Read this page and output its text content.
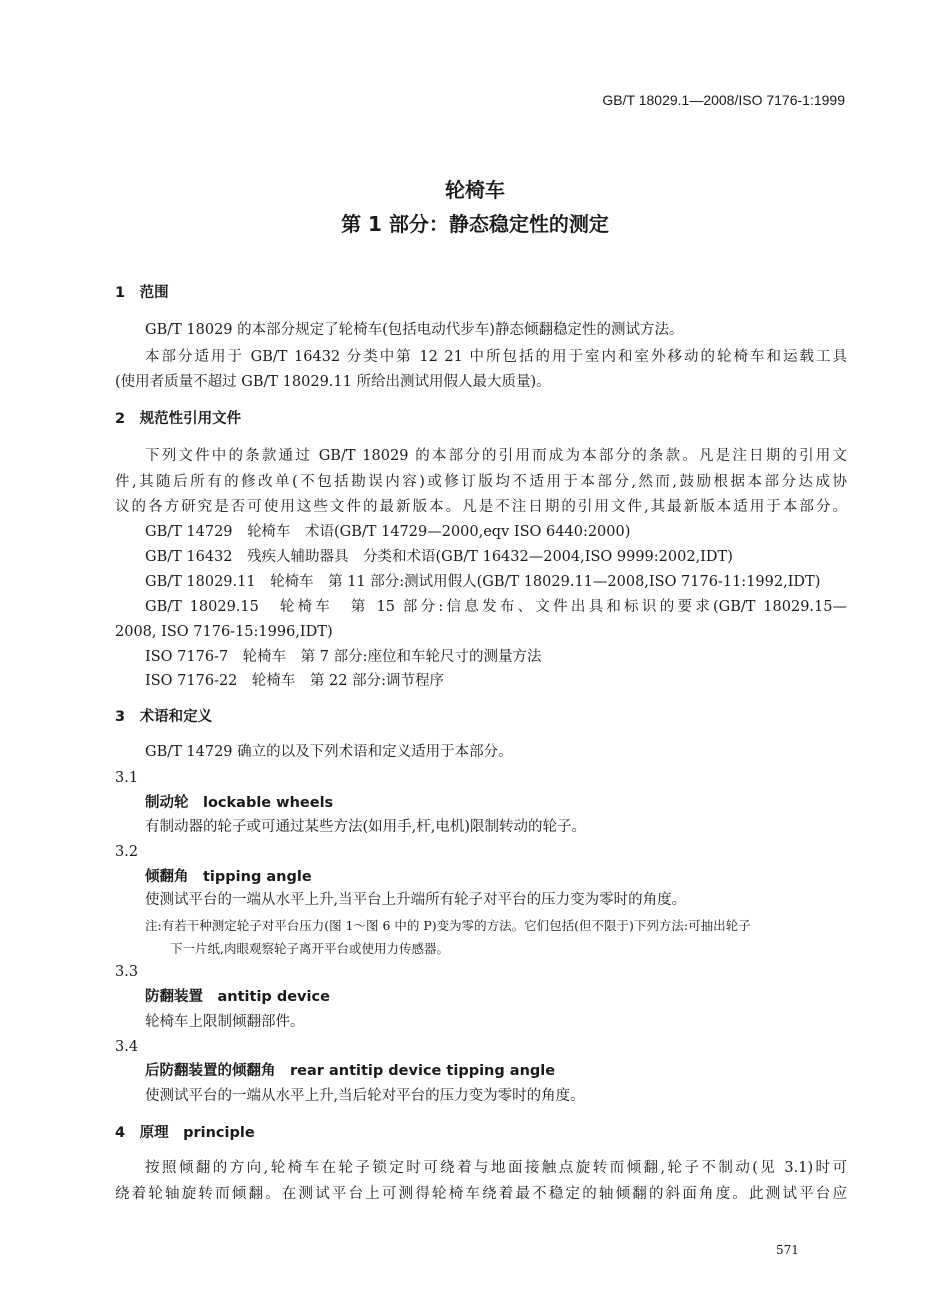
GB/T 18029.1—2008/ISO 7176-1:1999
轮椅车
第 1 部分：静态稳定性的测定
1　范围
GB/T 18029 的本部分规定了轮椅车(包括电动代步车)静态倾翻稳定性的测试方法。
本部分适用于 GB/T 16432 分类中第 12 21 中所包括的用于室内和室外移动的轮椅车和运载工具
(使用者质量不超过 GB/T 18029.11 所给出测试用假人最大质量)。
2　规范性引用文件
下列文件中的条款通过 GB/T 18029 的本部分的引用而成为本部分的条款。凡是注日期的引用文
件,其随后所有的修改单(不包括勘误内容)或修订版均不适用于本部分,然而,鼓励根据本部分达成协
议的各方研究是否可使用这些文件的最新版本。凡是不注日期的引用文件,其最新版本适用于本部分。
GB/T 14729　轮椅车　术语(GB/T 14729—2000,eqv ISO 6440:2000)
GB/T 16432　残疾人辅助器具　分类和术语(GB/T 16432—2004,ISO 9999:2002,IDT)
GB/T 18029.11　轮椅车　第 11 部分:测试用假人(GB/T 18029.11—2008,ISO 7176-11:1992,IDT)
GB/T 18029.15　轮椅车　第 15 部分:信息发布、文件出具和标识的要求(GB/T 18029.15—
2008, ISO 7176-15:1996,IDT)
ISO 7176-7　轮椅车　第 7 部分:座位和车轮尺寸的测量方法
ISO 7176-22　轮椅车　第 22 部分:调节程序
3　术语和定义
GB/T 14729 确立的以及下列术语和定义适用于本部分。
3.1
制动轮　lockable wheels
有制动器的轮子或可通过某些方法(如用手,杆,电机)限制转动的轮子。
3.2
倾翻角　tipping angle
使测试平台的一端从水平上升,当平台上升端所有轮子对平台的压力变为零时的角度。
注:有若干种测定轮子对平台压力(图 1～图 6 中的 P)变为零的方法。它们包括(但不限于)下列方法:可抽出轮子
下一片纸,肉眼观察轮子离开平台或使用力传感器。
3.3
防翻装置　antitip device
轮椅车上限制倾翻部件。
3.4
后防翻装置的倾翻角　rear antitip device tipping angle
使测试平台的一端从水平上升,当后轮对平台的压力变为零时的角度。
4　原理　principle
按照倾翻的方向,轮椅车在轮子锁定时可绕着与地面接触点旋转而倾翻,轮子不制动(见 3.1)时可
绕着轮轴旋转而倾翻。在测试平台上可测得轮椅车绕着最不稳定的轴倾翻的斜面角度。此测试平台应
571
